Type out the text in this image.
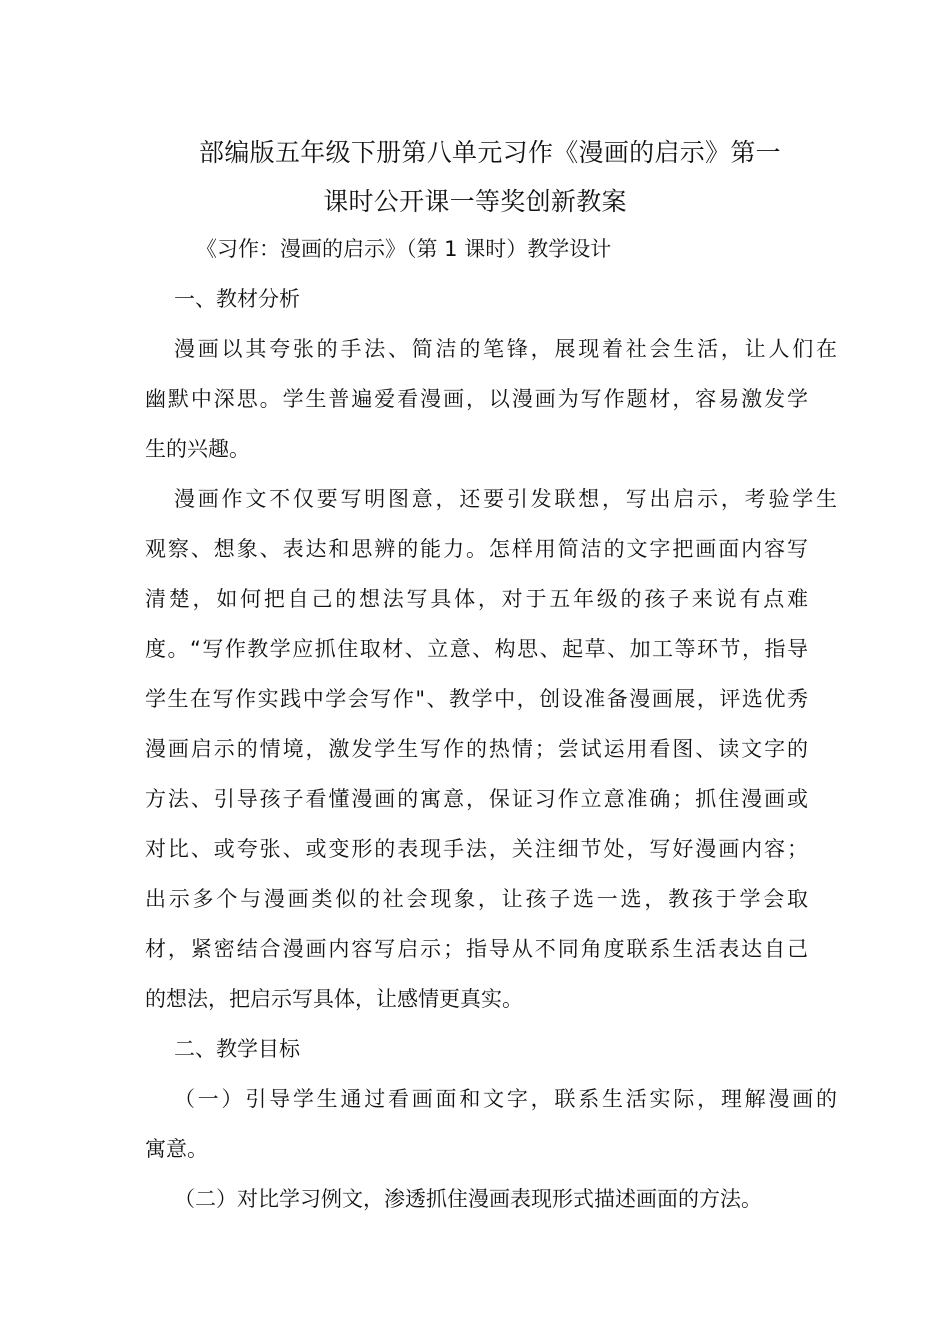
部编版五年级下册第八单元习作《漫画的启示》第一
课时公开课一等奖创新教案

《习作：漫画的启示》（第 1 课时）教学设计

一、教材分析

漫画以其夸张的手法、简洁的笔锋，展现着社会生活，让人们在

幽默中深思。学生普遍爱看漫画，以漫画为写作题材，容易激发学

生的兴趣。

漫画作文不仅要写明图意，还要引发联想，写出启示，考验学生

观察、想象、表达和思辨的能力。怎样用简洁的文字把画面内容写

清楚，如何把自己的想法写具体，对于五年级的孩子来说有点难

度。“写作教学应抓住取材、立意、构思、起草、加工等环节，指导

学生在写作实践中学会写作"、教学中，创设准备漫画展，评选优秀

漫画启示的情境，激发学生写作的热情；尝试运用看图、读文字的

方法、引导孩子看懂漫画的寓意，保证习作立意准确；抓住漫画或

对比、或夸张、或变形的表现手法，关注细节处，写好漫画内容；

出示多个与漫画类似的社会现象，让孩子选一选，教孩于学会取

材，紧密结合漫画内容写启示；指导从不同角度联系生活表达自己

的想法，把启示写具体，让感情更真实。

二、教学目标

（一）引导学生通过看画面和文字，联系生活实际，理解漫画的

寓意。

（二）对比学习例文，渗透抓住漫画表现形式描述画面的方法。
